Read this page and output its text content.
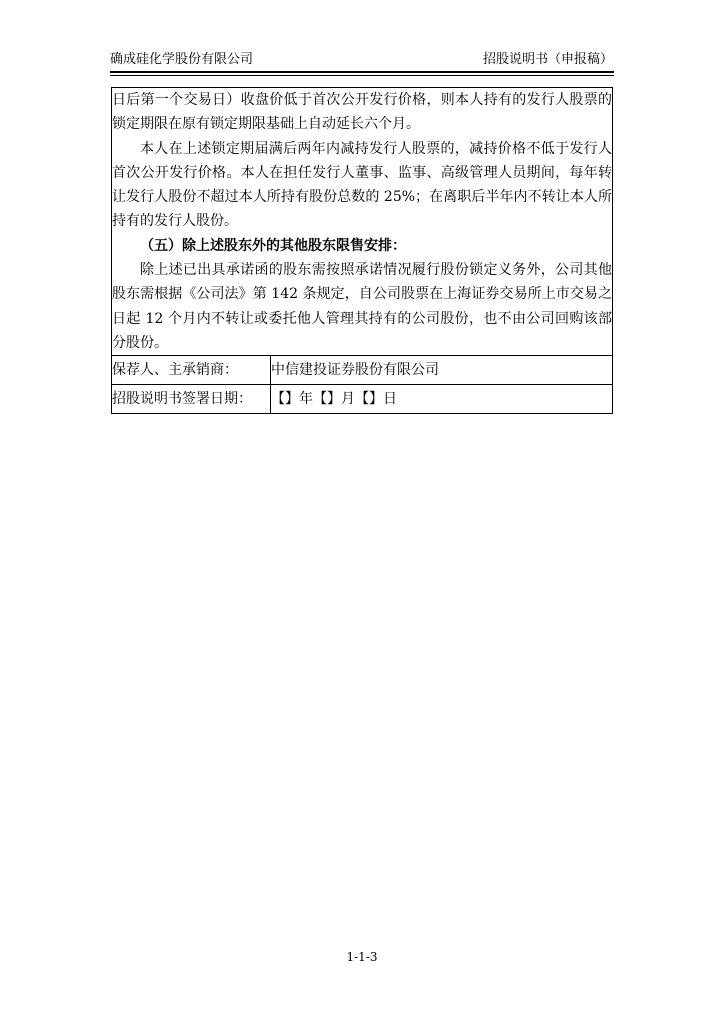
确成硅化学股份有限公司	招股说明书（申报稿）

日后第一个交易日）收盘价低于首次公开发行价格，则本人持有的发行人股票的锁定期限在原有锁定期限基础上自动延长六个月。

本人在上述锁定期届满后两年内减持发行人股票的，减持价格不低于发行人首次公开发行价格。本人在担任发行人董事、监事、高级管理人员期间，每年转让发行人股份不超过本人所持有股份总数的 25%；在离职后半年内不转让本人所持有的发行人股份。

（五）除上述股东外的其他股东限售安排：

除上述已出具承诺函的股东需按照承诺情况履行股份锁定义务外，公司其他股东需根据《公司法》第 142 条规定，自公司股票在上海证券交易所上市交易之日起 12 个月内不转让或委托他人管理其持有的公司股份，也不由公司回购该部分股份。	

保荐人、主承销商：	中信建投证券股份有限公司
招股说明书签署日期：	【】年【】月【】日
1-1-3
